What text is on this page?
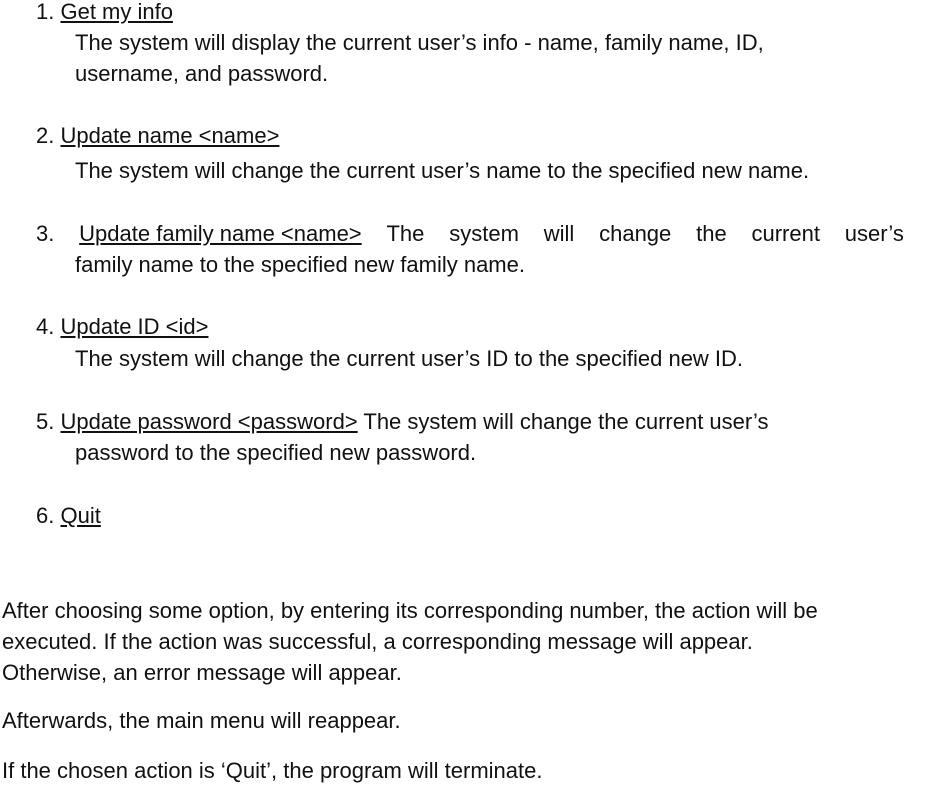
1. Get my info
The system will display the current user’s info - name, family name, ID,
username, and password.
2. Update name <name>
The system will change the current user’s name to the specified new name.
3. Update family name <name> The system will change the current user’s
family name to the specified new family name.
4. Update ID <id>
The system will change the current user’s ID to the specified new ID.
5. Update password <password> The system will change the current user’s
password to the specified new password.
6. Quit
After choosing some option, by entering its corresponding number, the action will be
executed. If the action was successful, a corresponding message will appear.
Otherwise, an error message will appear.
Afterwards, the main menu will reappear.
If the chosen action is ‘Quit’, the program will terminate.
